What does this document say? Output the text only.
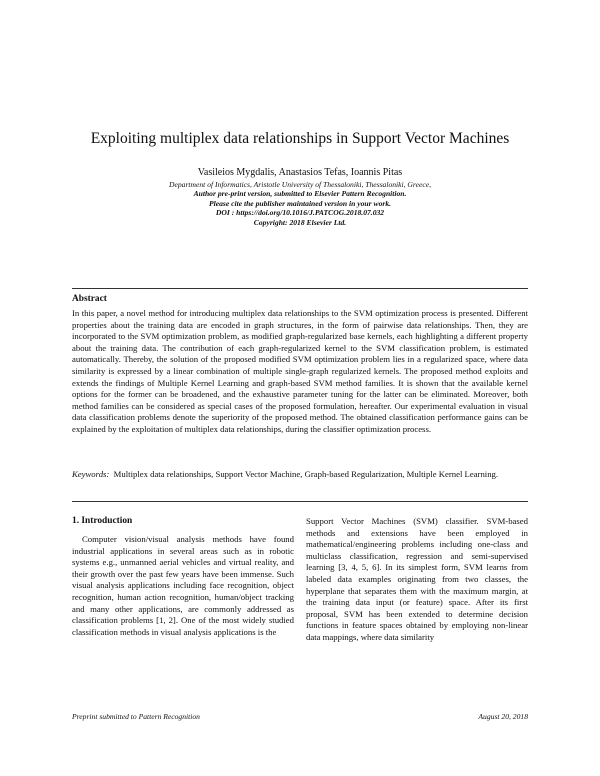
Exploiting multiplex data relationships in Support Vector Machines
Vasileios Mygdalis, Anastasios Tefas, Ioannis Pitas
Department of Informatics, Aristotle University of Thessaloniki, Thessaloniki, Greece,
Author pre-print version, submitted to Elsevier Pattern Recognition.
Please cite the publisher maintained version in your work.
DOI : https://doi.org/10.1016/J.PATCOG.2018.07.032
Copyright: 2018 Elsevier Ltd.
Abstract
In this paper, a novel method for introducing multiplex data relationships to the SVM optimization process is presented. Different properties about the training data are encoded in graph structures, in the form of pairwise data relationships. Then, they are incorporated to the SVM optimization problem, as modified graph-regularized base kernels, each highlighting a different property about the training data. The contribution of each graph-regularized kernel to the SVM classification problem, is estimated automatically. Thereby, the solution of the proposed modified SVM optimization problem lies in a regularized space, where data similarity is expressed by a linear combination of multiple single-graph regularized kernels. The proposed method exploits and extends the findings of Multiple Kernel Learning and graph-based SVM method families. It is shown that the available kernel options for the former can be broadened, and the exhaustive parameter tuning for the latter can be eliminated. Moreover, both method families can be considered as special cases of the proposed formulation, hereafter. Our experimental evaluation in visual data classification problems denote the superiority of the proposed method. The obtained classification performance gains can be explained by the exploitation of multiplex data relationships, during the classifier optimization process.
Keywords: Multiplex data relationships, Support Vector Machine, Graph-based Regularization, Multiple Kernel Learning.
1. Introduction
Computer vision/visual analysis methods have found industrial applications in several areas such as in robotic systems e.g., unmanned aerial vehicles and virtual reality, and their growth over the past few years have been immense. Such visual analysis applications including face recognition, object recognition, human action recognition, human/object tracking and many other applications, are commonly addressed as classification problems [1, 2]. One of the most widely studied classification methods in visual analysis applications is the
Support Vector Machines (SVM) classifier. SVM-based methods and extensions have been employed in mathematical/engineering problems including one-class and multiclass classification, regression and semi-supervised learning [3, 4, 5, 6]. In its simplest form, SVM learns from labeled data examples originating from two classes, the hyperplane that separates them with the maximum margin, at the training data input (or feature) space. After its first proposal, SVM has been extended to determine decision functions in feature spaces obtained by employing non-linear data mappings, where data similarity
Preprint submitted to Pattern Recognition	August 20, 2018
